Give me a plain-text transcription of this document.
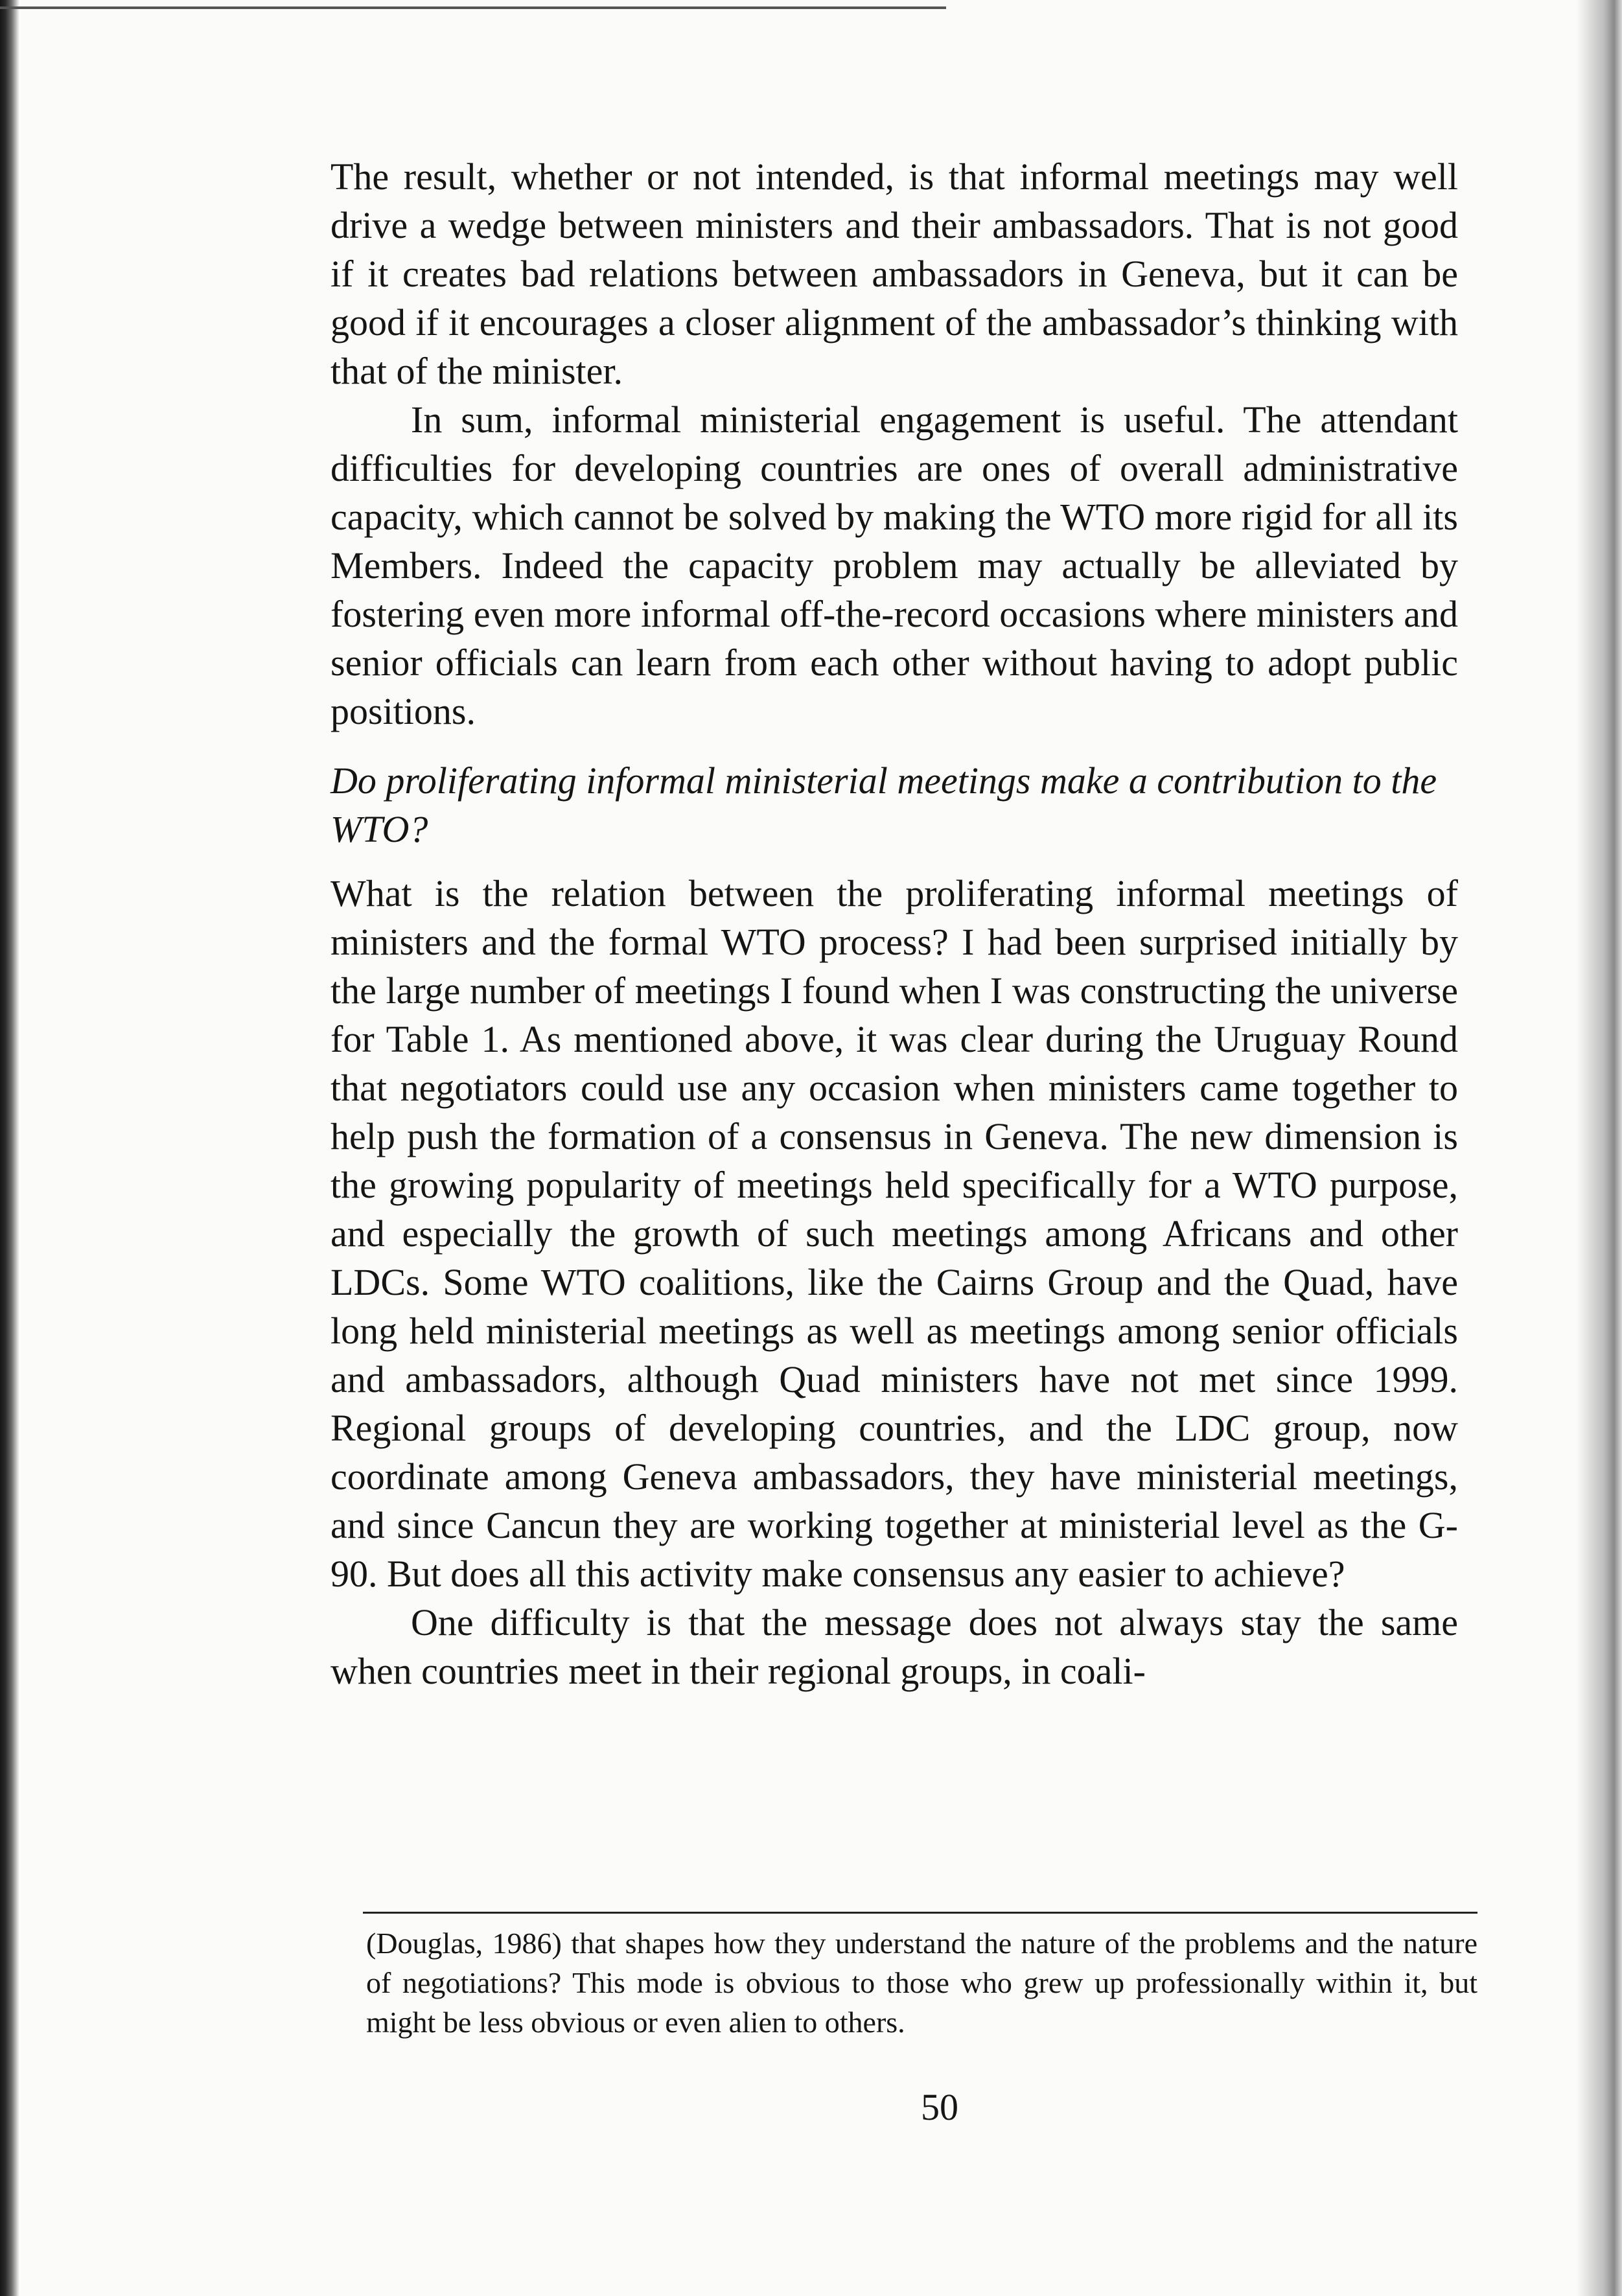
The result, whether or not intended, is that informal meetings may well drive a wedge between ministers and their ambassadors. That is not good if it creates bad relations between ambassadors in Geneva, but it can be good if it encourages a closer alignment of the ambassador’s thinking with that of the minister.

In sum, informal ministerial engagement is useful. The attendant difficulties for developing countries are ones of overall administrative capacity, which cannot be solved by making the WTO more rigid for all its Members. Indeed the capacity problem may actually be alleviated by fostering even more informal off-the-record occasions where ministers and senior officials can learn from each other without having to adopt public positions.

Do proliferating informal ministerial meetings make a contribution to the WTO?

What is the relation between the proliferating informal meetings of ministers and the formal WTO process? I had been surprised initially by the large number of meetings I found when I was constructing the universe for Table 1. As mentioned above, it was clear during the Uruguay Round that negotiators could use any occasion when ministers came together to help push the formation of a consensus in Geneva. The new dimension is the growing popularity of meetings held specifically for a WTO purpose, and especially the growth of such meetings among Africans and other LDCs. Some WTO coalitions, like the Cairns Group and the Quad, have long held ministerial meetings as well as meetings among senior officials and ambassadors, although Quad ministers have not met since 1999. Regional groups of developing countries, and the LDC group, now coordinate among Geneva ambassadors, they have ministerial meetings, and since Cancun they are working together at ministerial level as the G-90. But does all this activity make consensus any easier to achieve?

One difficulty is that the message does not always stay the same when countries meet in their regional groups, in coali-

(Douglas, 1986) that shapes how they understand the nature of the problems and the nature of negotiations? This mode is obvious to those who grew up professionally within it, but might be less obvious or even alien to others.

50
